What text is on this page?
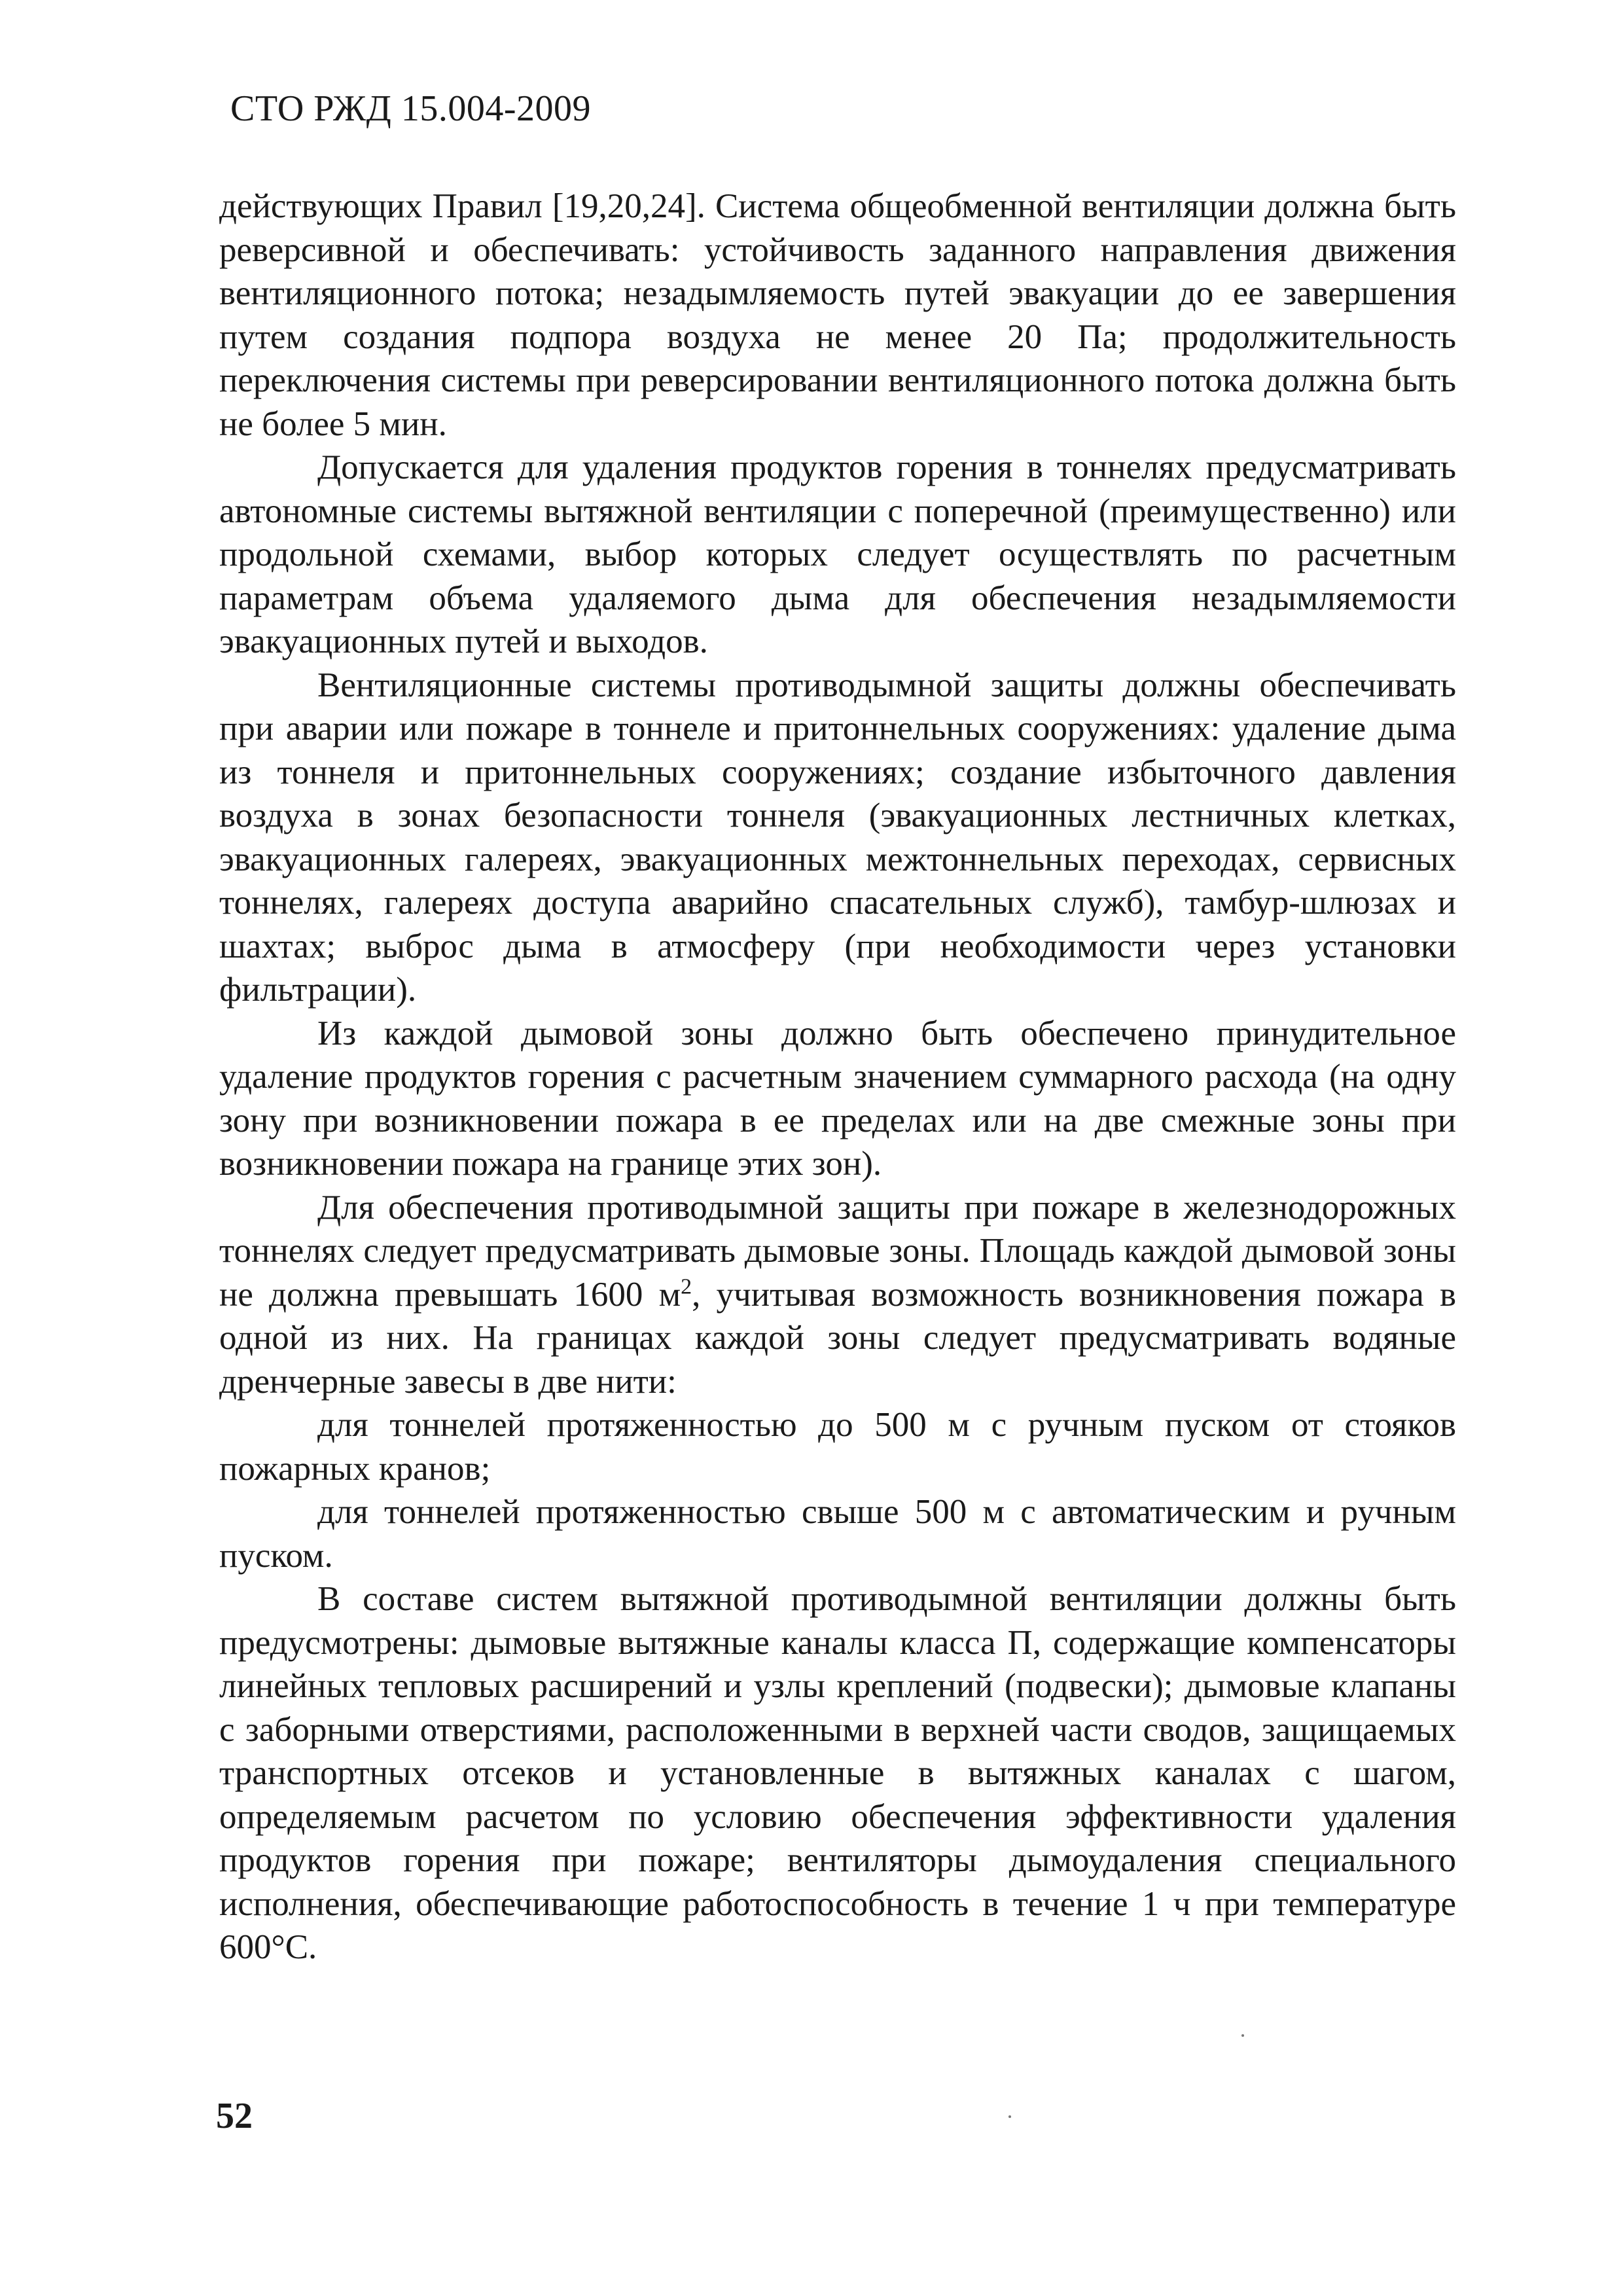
СТО РЖД 15.004-2009

действующих Правил [19,20,24]. Система общеобменной вентиляции должна быть реверсивной и обеспечивать: устойчивость заданного направления движения вентиляционного потока; незадымляемость путей эвакуации до ее завершения путем создания подпора воздуха не менее 20 Па; продолжительность переключения системы при реверсировании вентиляционного потока должна быть не более 5 мин.

Допускается для удаления продуктов горения в тоннелях предусматривать автономные системы вытяжной вентиляции с поперечной (преимущественно) или продольной схемами, выбор которых следует осуществлять по расчетным параметрам объема удаляемого дыма для обеспечения незадымляемости эвакуационных путей и выходов.

Вентиляционные системы противодымной защиты должны обеспечивать при аварии или пожаре в тоннеле и притоннельных сооружениях: удаление дыма из тоннеля и притоннельных сооружениях; создание избыточного давления воздуха в зонах безопасности тоннеля (эвакуационных лестничных клетках, эвакуационных галереях, эвакуационных межтоннельных переходах, сервисных тоннелях, галереях доступа аварийно спасательных служб), тамбур-шлюзах и шахтах; выброс дыма в атмосферу (при необходимости через установки фильтрации).

Из каждой дымовой зоны должно быть обеспечено принудительное удаление продуктов горения с расчетным значением суммарного расхода (на одну зону при возникновении пожара в ее пределах или на две смежные зоны при возникновении пожара на границе этих зон).

Для обеспечения противодымной защиты при пожаре в железнодорожных тоннелях следует предусматривать дымовые зоны. Площадь каждой дымовой зоны не должна превышать 1600 $м^2$, учитывая возможность возникновения пожара в одной из них. На границах каждой зоны следует предусматривать водяные дренчерные завесы в две нити:

для тоннелей протяженностью до 500 м с ручным пуском от стояков пожарных кранов;

для тоннелей протяженностью свыше 500 м с автоматическим и ручным пуском.

В составе систем вытяжной противодымной вентиляции должны быть предусмотрены: дымовые вытяжные каналы класса П, содержащие компенсаторы линейных тепловых расширений и узлы креплений (подвески); дымовые клапаны с заборными отверстиями, расположенными в верхней части сводов, защищаемых транспортных отсеков и установленные в вытяжных каналах с шагом, определяемым расчетом по условию обеспечения эффективности удаления продуктов горения при пожаре; вентиляторы дымоудаления специального исполнения, обеспечивающие работоспособность в течение 1 ч при температуре 600°С.

52
